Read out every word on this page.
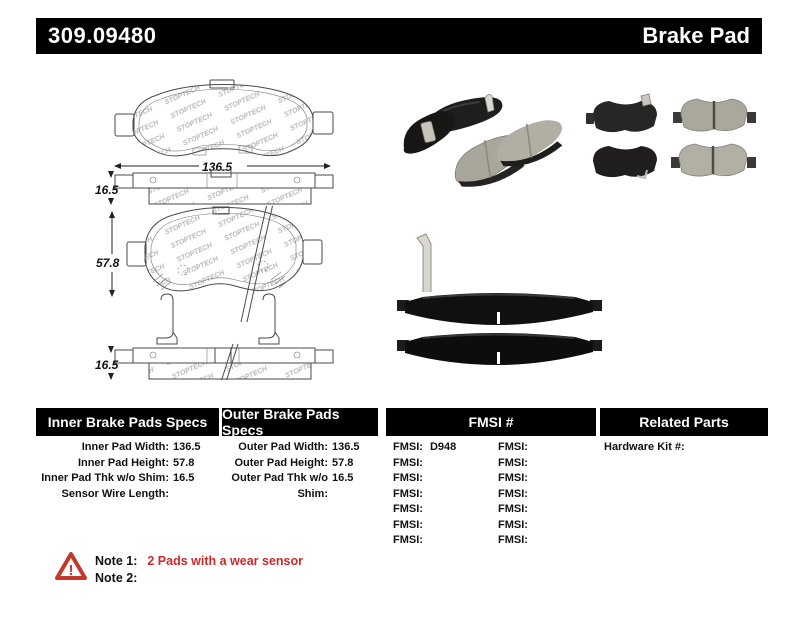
309.09480	Brake Pad
136.5
16.5
57.8
16.5
Inner Brake Pads Specs Outer Brake Pads Specs	FMSI #	Related Parts
Inner Pad Width: 136.5
Inner Pad Height: 57.8
Inner Pad Thk w/o Shim: 16.5
Sensor Wire Length:
Outer Pad Width: 136.5
Outer Pad Height: 57.8
Outer Pad Thk w/o Shim:
16.5
FMSI: D948	FMSI:
FMSI:	FMSI:
FMSI:	FMSI:
FMSI:	FMSI:
FMSI:	FMSI:
FMSI:	FMSI:
FMSI:	FMSI:
Hardware Kit #:
!
Note 1: 2 Pads with a wear sensor
Note 2:
